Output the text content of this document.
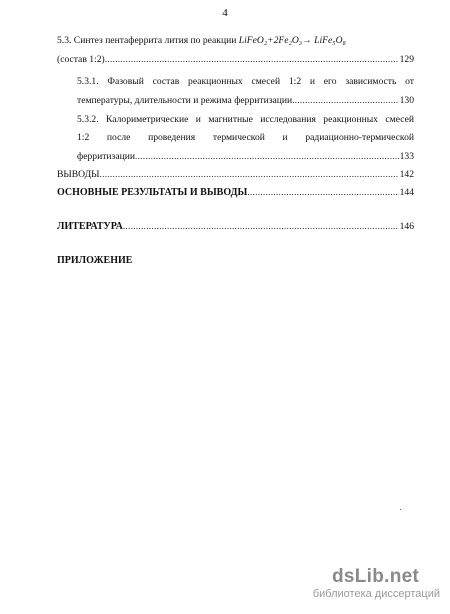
4
5.3. Синтез пентаферрита лития по реакции LiFeO₂+2Fe₂O₃→ LiFe₅O₈
(состав 1:2) .....	129
5.3.1. Фазовый состав реакционных смесей 1:2 и его зависимость от
температуры, длительности и режима ферритизации. .....	130
5.3.2. Калориметрические и магнитные исследования реакционных смесей
1:2 после проведения термической и радиационно-термической
ферритизации .....	133
ВЫВОДЫ .....	142
ОСНОВНЫЕ РЕЗУЛЬТАТЫ И ВЫВОДЫ .....	144
ЛИТЕРАТУРА .....	146
ПРИЛОЖЕНИЕ
dsLib.net
библиотека диссертаций
